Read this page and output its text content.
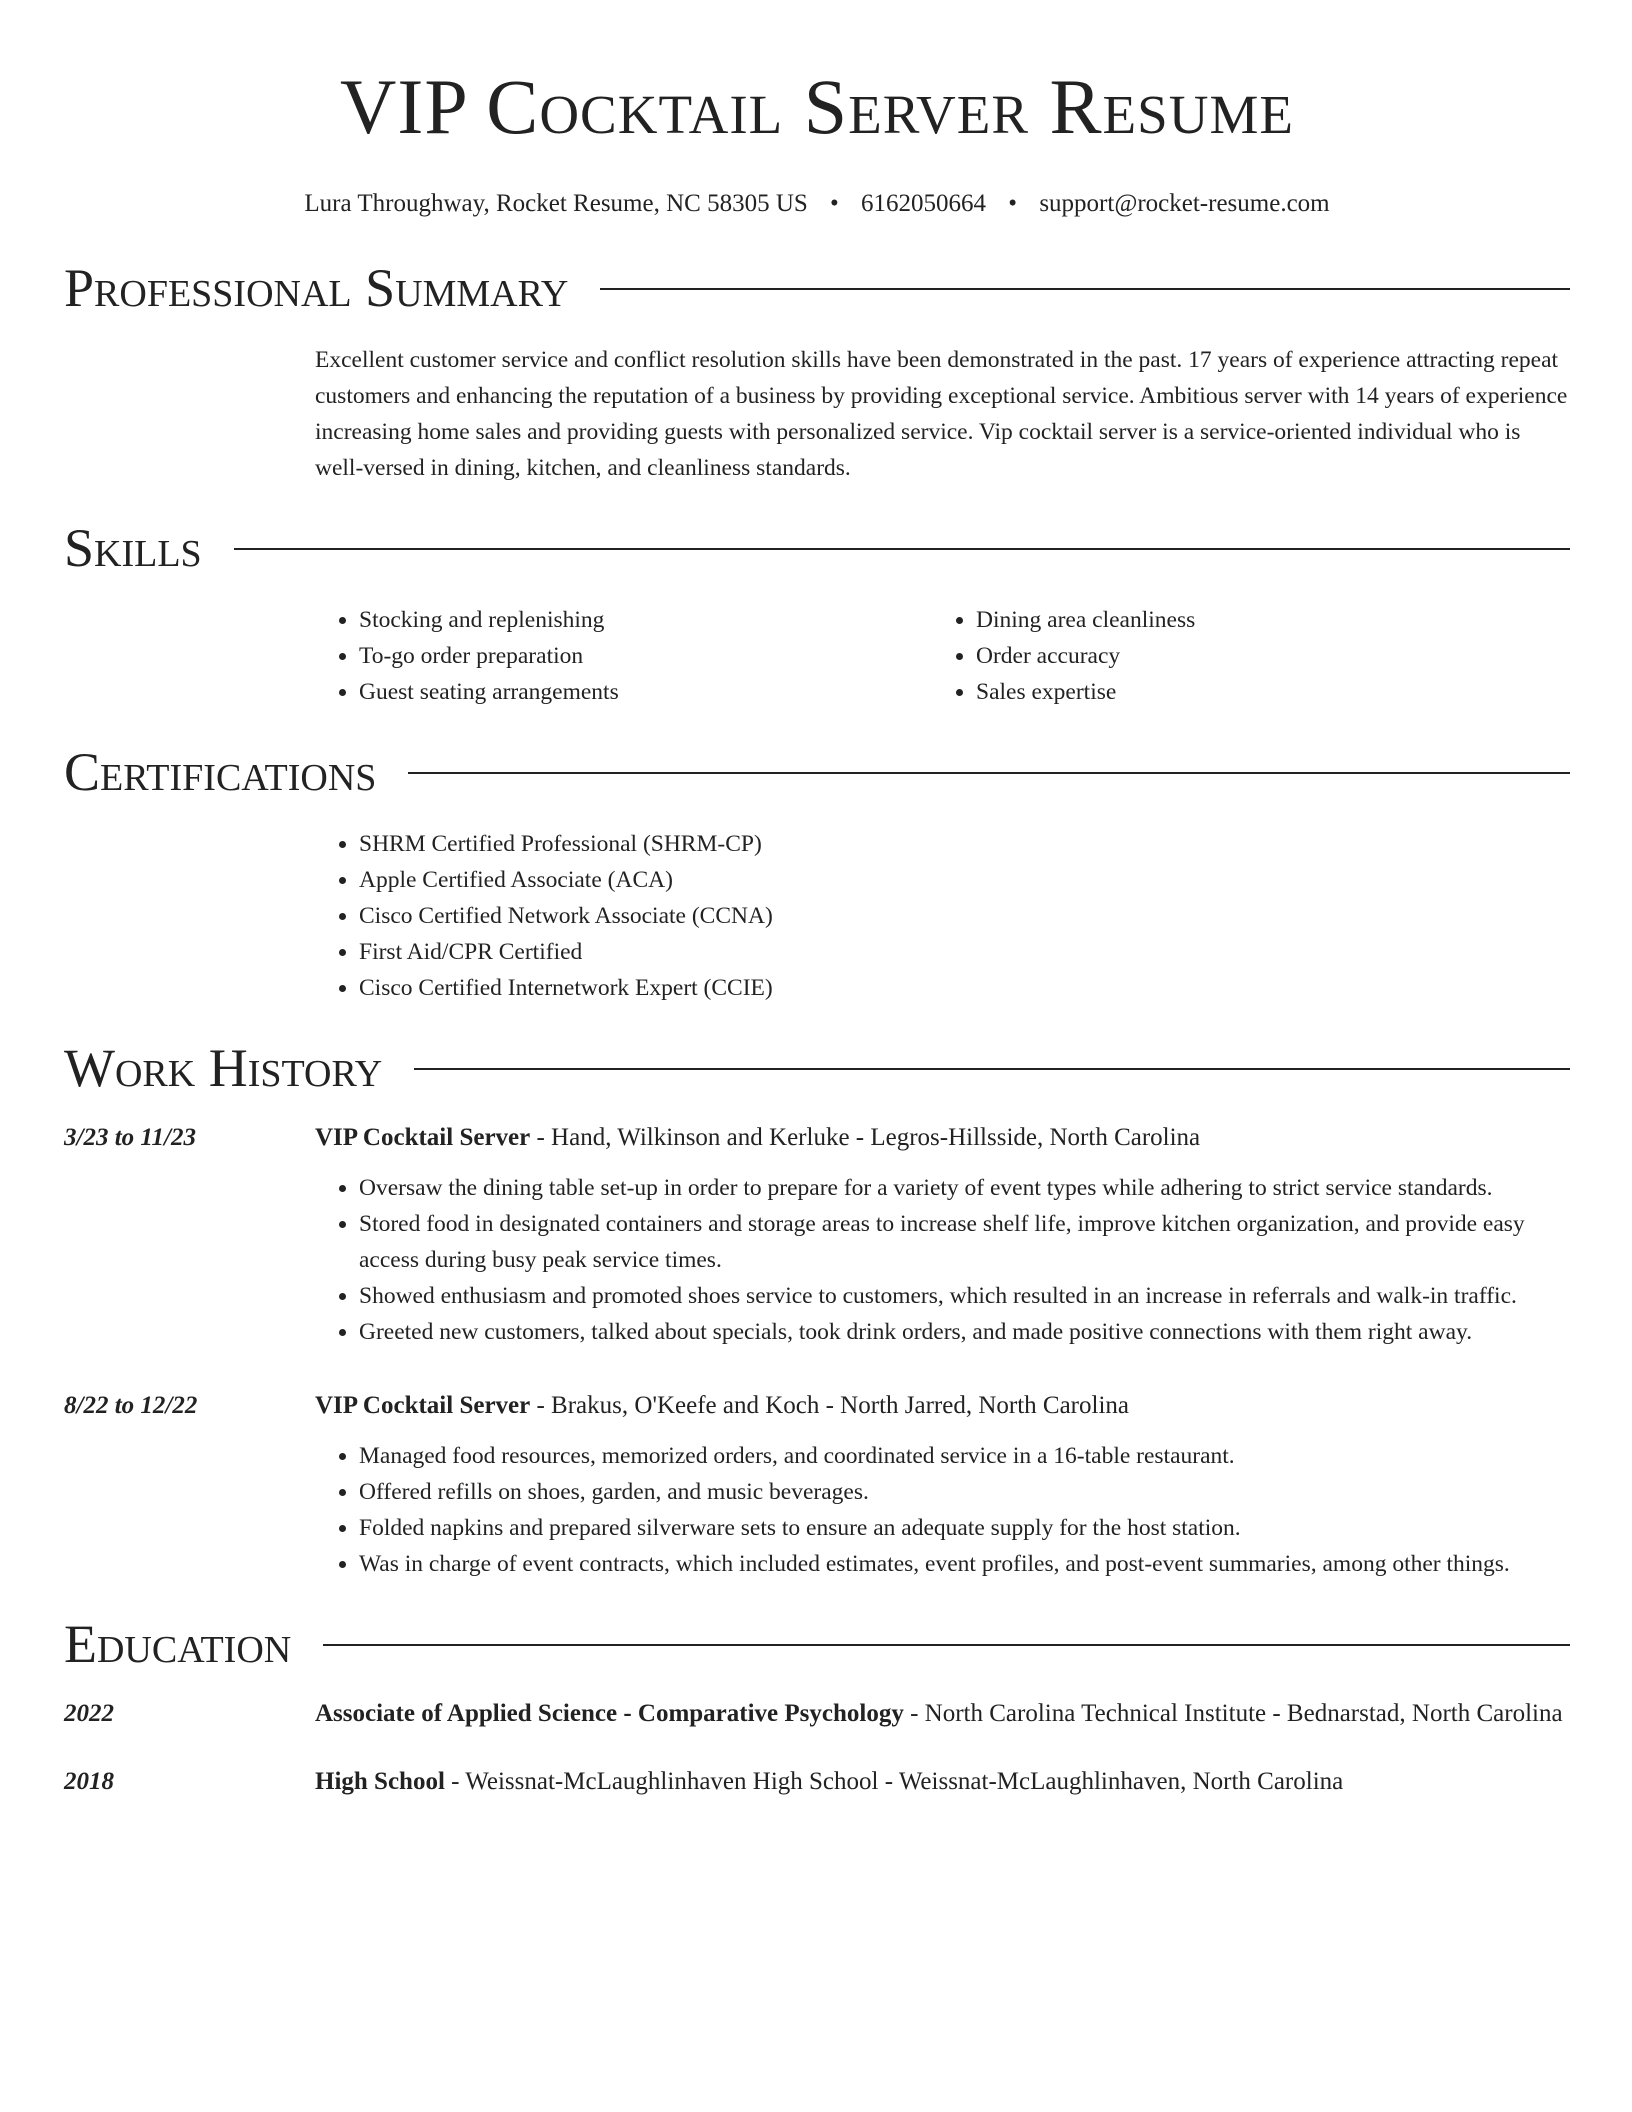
VIP Cocktail Server Resume
Lura Throughway, Rocket Resume, NC 58305 US • 6162050664 • support@rocket-resume.com
Professional Summary

Excellent customer service and conflict resolution skills have been demonstrated in the past. 17 years of experience attracting repeat customers and enhancing the reputation of a business by providing exceptional service. Ambitious server with 14 years of experience increasing home sales and providing guests with personalized service. Vip cocktail server is a service-oriented individual who is well-versed in dining, kitchen, and cleanliness standards.

Skills
• Stocking and replenishing
• To-go order preparation
• Guest seating arrangements
• Dining area cleanliness
• Order accuracy
• Sales expertise
Certifications
• SHRM Certified Professional (SHRM-CP)
• Apple Certified Associate (ACA)
• Cisco Certified Network Associate (CCNA)
• First Aid/CPR Certified
• Cisco Certified Internetwork Expert (CCIE)
Work History
3/23 to 11/23	VIP Cocktail Server - Hand, Wilkinson and Kerluke - Legros-Hillsside, North Carolina
• Oversaw the dining table set-up in order to prepare for a variety of event types while adhering to strict service standards.
• Stored food in designated containers and storage areas to increase shelf life, improve kitchen organization, and provide easy access during busy peak service times.
• Showed enthusiasm and promoted shoes service to customers, which resulted in an increase in referrals and walk-in traffic.
• Greeted new customers, talked about specials, took drink orders, and made positive connections with them right away.
8/22 to 12/22	VIP Cocktail Server - Brakus, O'Keefe and Koch - North Jarred, North Carolina
• Managed food resources, memorized orders, and coordinated service in a 16-table restaurant.
• Offered refills on shoes, garden, and music beverages.
• Folded napkins and prepared silverware sets to ensure an adequate supply for the host station.
• Was in charge of event contracts, which included estimates, event profiles, and post-event summaries, among other things.
Education
2022	Associate of Applied Science - Comparative Psychology - North Carolina Technical Institute - Bednarstad, North Carolina
2018	High School - Weissnat-McLaughlinhaven High School - Weissnat-McLaughlinhaven, North Carolina
